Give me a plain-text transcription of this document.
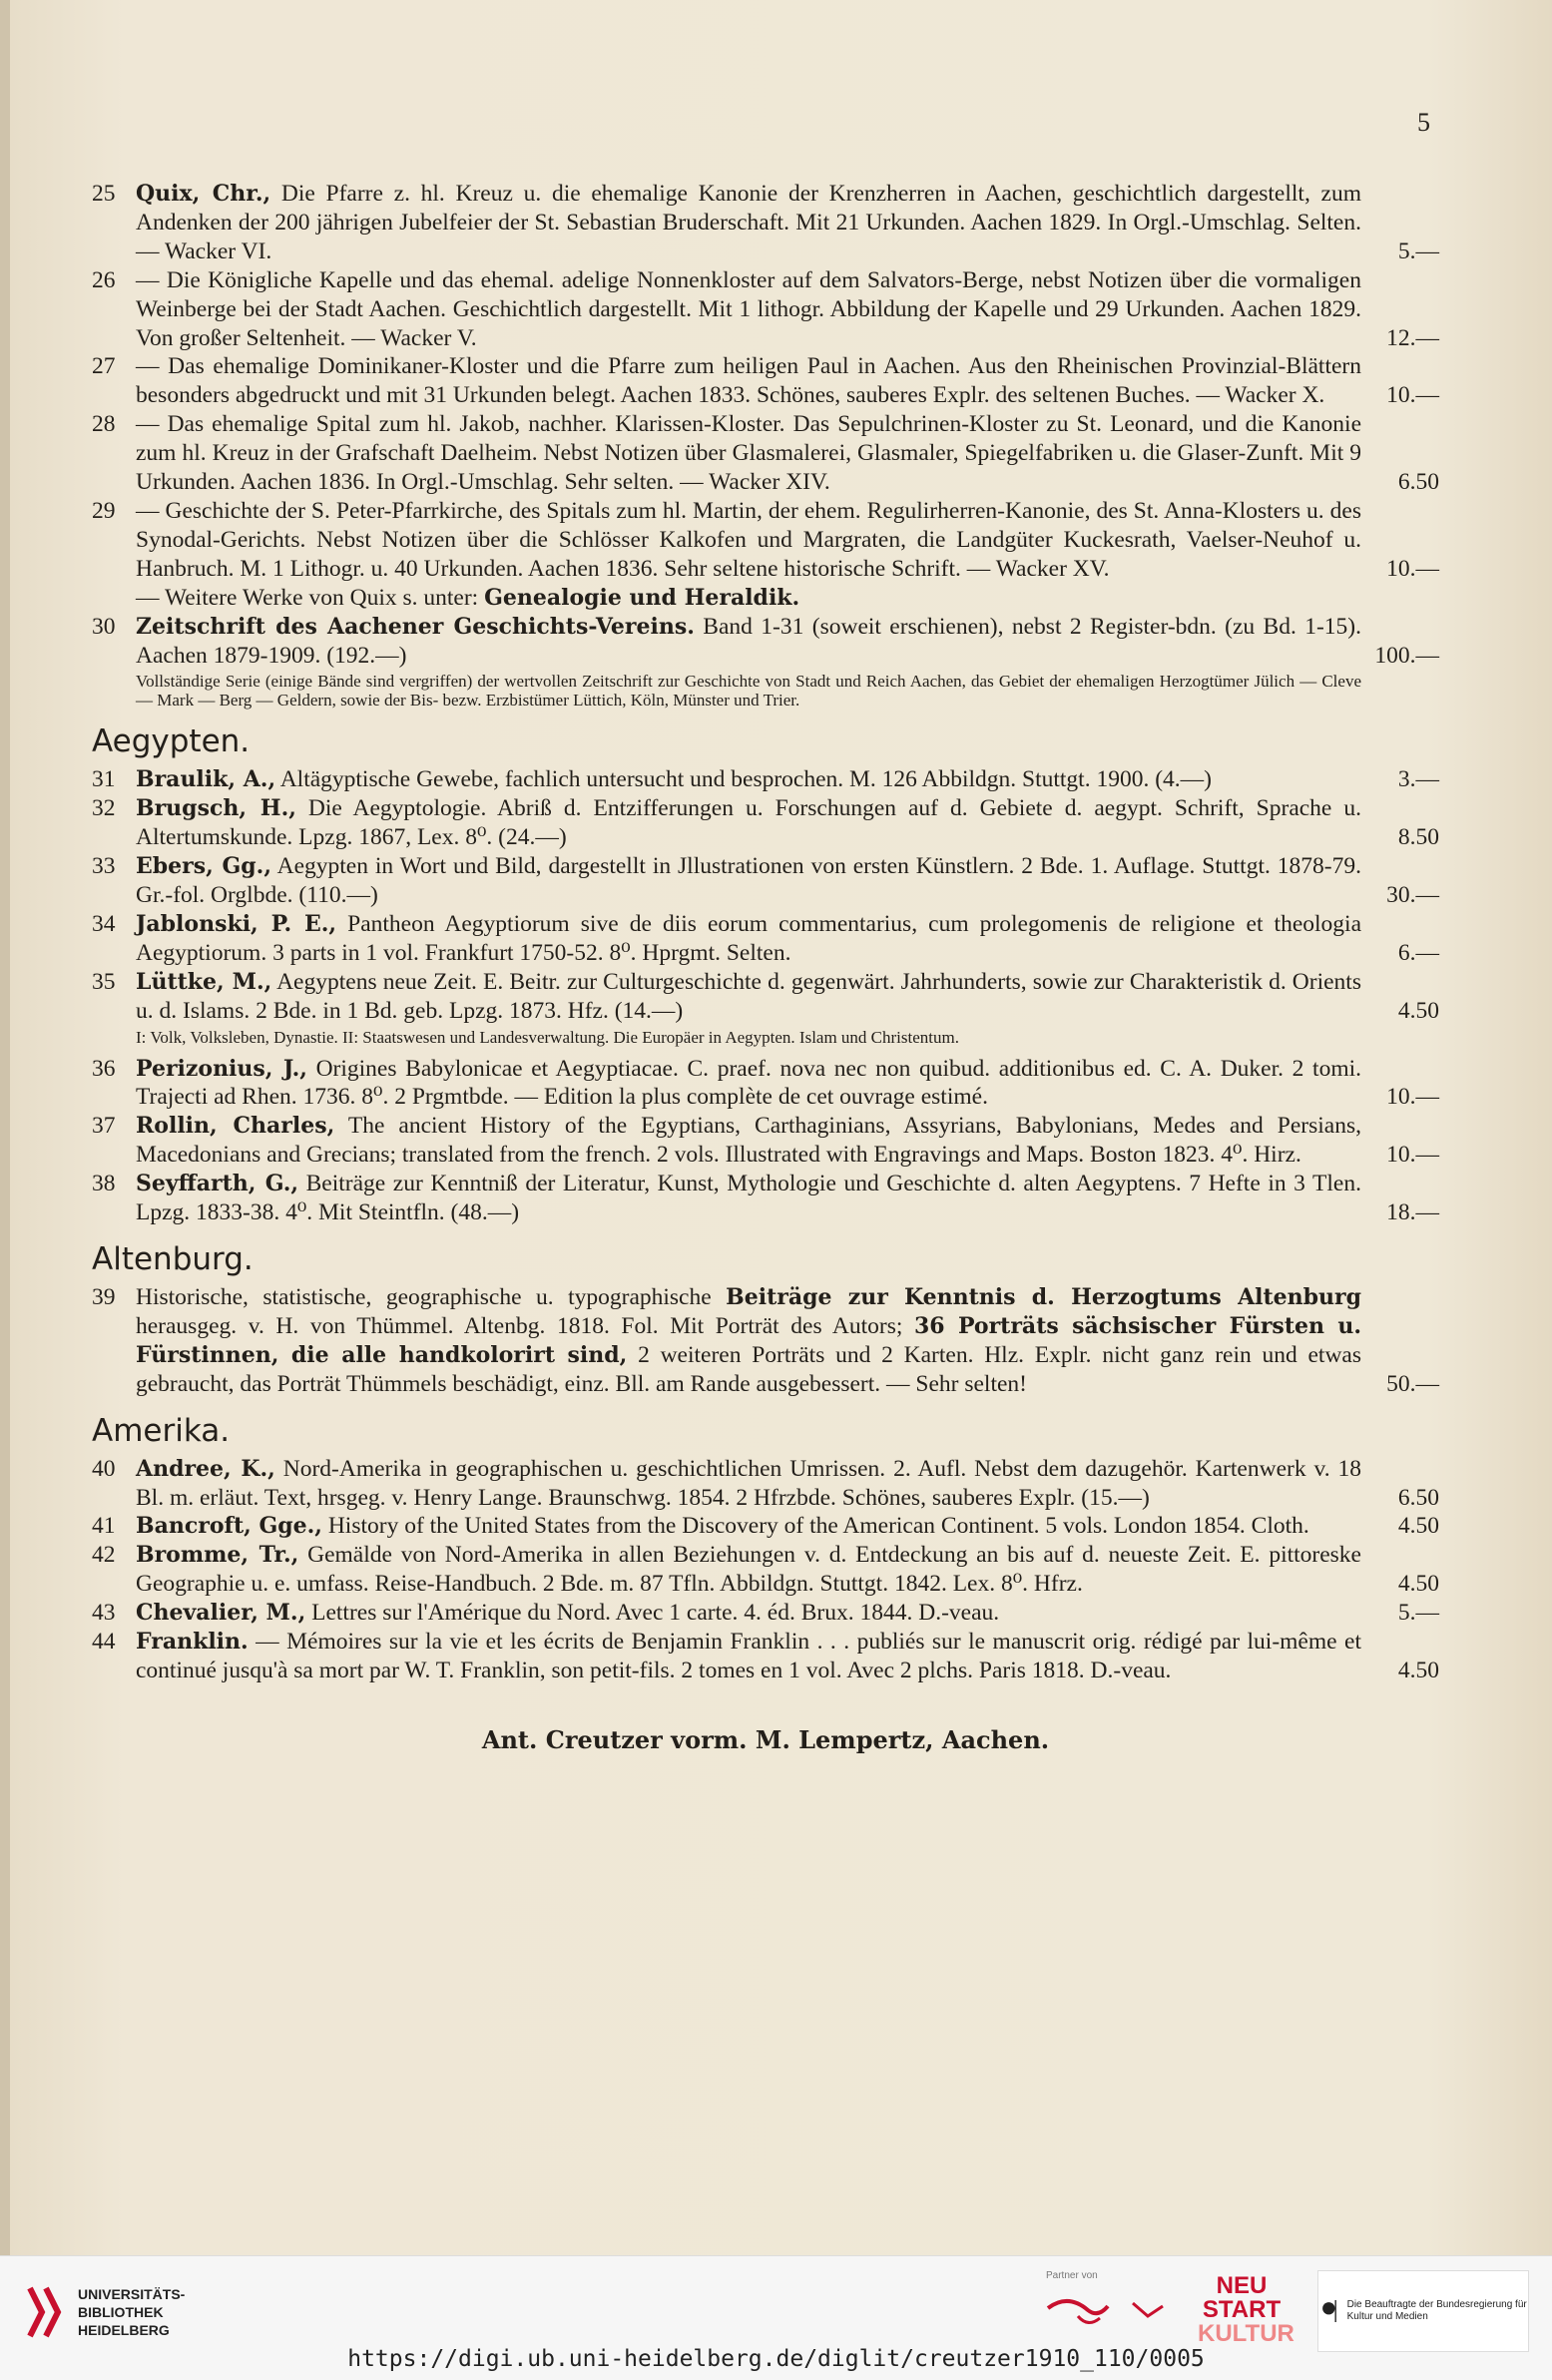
5
25 Quix, Chr., Die Pfarre z. hl. Kreuz u. die ehemalige Kanonie der Krenzherren in Aachen, geschichtlich dargestellt, zum Andenken der 200 jährigen Jubelfeier der St. Sebastian Bruderschaft. Mit 21 Urkunden. Aachen 1829. In Orgl.-Umschlag. Selten. — Wacker VI.	5.—
26 — Die Königliche Kapelle und das ehemal. adelige Nonnenkloster auf dem Salvators-Berge, nebst Notizen über die vormaligen Weinberge bei der Stadt Aachen. Geschichtlich dargestellt. Mit 1 lithogr. Abbildung der Kapelle und 29 Urkunden. Aachen 1829. Von großer Seltenheit. — Wacker V.	12.—
27 — Das ehemalige Dominikaner-Kloster und die Pfarre zum heiligen Paul in Aachen. Aus den Rheinischen Provinzial-Blättern besonders abgedruckt und mit 31 Urkunden belegt. Aachen 1833. Schönes, sauberes Explr. des seltenen Buches. — Wacker X.	10.—
28 — Das ehemalige Spital zum hl. Jakob, nachher. Klarissen-Kloster. Das Sepulchrinen-Kloster zu St. Leonard, und die Kanonie zum hl. Kreuz in der Grafschaft Daelheim. Nebst Notizen über Glasmalerei, Glasmaler, Spiegelfabriken u. die Glaser-Zunft. Mit 9 Urkunden. Aachen 1836. In Orgl.-Umschlag. Sehr selten. — Wacker XIV.	6.50
29 — Geschichte der S. Peter-Pfarrkirche, des Spitals zum hl. Martin, der ehem. Regulirherren-Kanonie, des St. Anna-Klosters u. des Synodal-Gerichts. Nebst Notizen über die Schlösser Kalkofen und Margraten, die Landgüter Kuckesrath, Vaelser-Neuhof u. Hanbruch. M. 1 Lithogr. u. 40 Urkunden. Aachen 1836. Sehr seltene historische Schrift. — Wacker XV.	10.—
— Weitere Werke von Quix s. unter: Genealogie und Heraldik.
30 Zeitschrift des Aachener Geschichts-Vereins. Band 1-31 (soweit erschienen), nebst 2 Register-bdn. (zu Bd. 1-15). Aachen 1879-1909. (192.—)	100.—
Vollständige Serie (einige Bände sind vergriffen) der wertvollen Zeitschrift zur Geschichte von Stadt und Reich Aachen, das Gebiet der ehemaligen Herzogtümer Jülich — Cleve — Mark — Berg — Geldern, sowie der Bis- bezw. Erzbistümer Lüttich, Köln, Münster und Trier.
Aegypten.
31 Braulik, A., Altägyptische Gewebe, fachlich untersucht und besprochen. M. 126 Abbildgn. Stuttgt. 1900. (4.—)	3.—
32 Brugsch, H., Die Aegyptologie. Abriß d. Entzifferungen u. Forschungen auf d. Gebiete d. aegypt. Schrift, Sprache u. Altertumskunde. Lpzg. 1867, Lex. 8⁰. (24.—)	8.50
33 Ebers, Gg., Aegypten in Wort und Bild, dargestellt in Jllustrationen von ersten Künstlern. 2 Bde. 1. Auflage. Stuttgt. 1878-79. Gr.-fol. Orglbde. (110.—)	30.—
34 Jablonski, P. E., Pantheon Aegyptiorum sive de diis eorum commentarius, cum prolegomenis de religione et theologia Aegyptiorum. 3 parts in 1 vol. Frankfurt 1750-52. 8⁰. Hprgmt. Selten.	6.—
35 Lüttke, M., Aegyptens neue Zeit. E. Beitr. zur Culturgeschichte d. gegenwärt. Jahrhunderts, sowie zur Charakteristik d. Orients u. d. Islams. 2 Bde. in 1 Bd. geb. Lpzg. 1873. Hfz. (14.—)	4.50
I: Volk, Volksleben, Dynastie. II: Staatswesen und Landesverwaltung. Die Europäer in Aegypten. Islam und Christentum.
36 Perizonius, J., Origines Babylonicae et Aegyptiacae. C. praef. nova nec non quibud. additionibus ed. C. A. Duker. 2 tomi. Trajecti ad Rhen. 1736. 8⁰. 2 Prgmtbde. — Edition la plus complète de cet ouvrage estimé.	10.—
37 Rollin, Charles, The ancient History of the Egyptians, Carthaginians, Assyrians, Babylonians, Medes and Persians, Macedonians and Grecians; translated from the french. 2 vols. Illustrated with Engravings and Maps. Boston 1823. 4⁰. Hirz.	10.—
38 Seyffarth, G., Beiträge zur Kenntniß der Literatur, Kunst, Mythologie und Geschichte d. alten Aegyptens. 7 Hefte in 3 Tlen. Lpzg. 1833-38. 4⁰. Mit Steintfln. (48.—)	18.—
Altenburg.
39 Historische, statistische, geographische u. typographische Beiträge zur Kenntnis d. Herzogtums Altenburg herausgeg. v. H. von Thümmel. Altenbg. 1818. Fol. Mit Porträt des Autors; 36 Porträts sächsischer Fürsten u. Fürstinnen, die alle handkolorirt sind, 2 weiteren Porträts und 2 Karten. Hlz. Explr. nicht ganz rein und etwas gebraucht, das Porträt Thümmels beschädigt, einz. Bll. am Rande ausgebessert. — Sehr selten!	50.—
Amerika.
40 Andree, K., Nord-Amerika in geographischen u. geschichtlichen Umrissen. 2. Aufl. Nebst dem dazugehör. Kartenwerk v. 18 Bl. m. erläut. Text, hrsgeg. v. Henry Lange. Braunschwg. 1854. 2 Hfrzbde. Schönes, sauberes Explr. (15.—)	6.50
41 Bancroft, Gge., History of the United States from the Discovery of the American Continent. 5 vols. London 1854. Cloth.	4.50
42 Bromme, Tr., Gemälde von Nord-Amerika in allen Beziehungen v. d. Entdeckung an bis auf d. neueste Zeit. E. pittoreske Geographie u. e. umfass. Reise-Handbuch. 2 Bde. m. 87 Tfln. Abbildgn. Stuttgt. 1842. Lex. 8⁰. Hfrz.	4.50
43 Chevalier, M., Lettres sur l'Amérique du Nord. Avec 1 carte. 4. éd. Brux. 1844. D.-veau.	5.—
44 Franklin. — Mémoires sur la vie et les écrits de Benjamin Franklin . . . publiés sur le manuscrit orig. rédigé par lui-même et continué jusqu'à sa mort par W. T. Franklin, son petit-fils. 2 tomes en 1 vol. Avec 2 plchs. Paris 1818. D.-veau.	4.50
Ant. Creutzer vorm. M. Lempertz, Aachen.
UNIVERSITÄTS-
BIBLIOTHEK
HEIDELBERG
Partner von	NEU
START
KULTUR
Die Beauftragte der Bundesregierung für Kultur und Medien
https://digi.ub.uni-heidelberg.de/diglit/creutzer1910_110/0005
